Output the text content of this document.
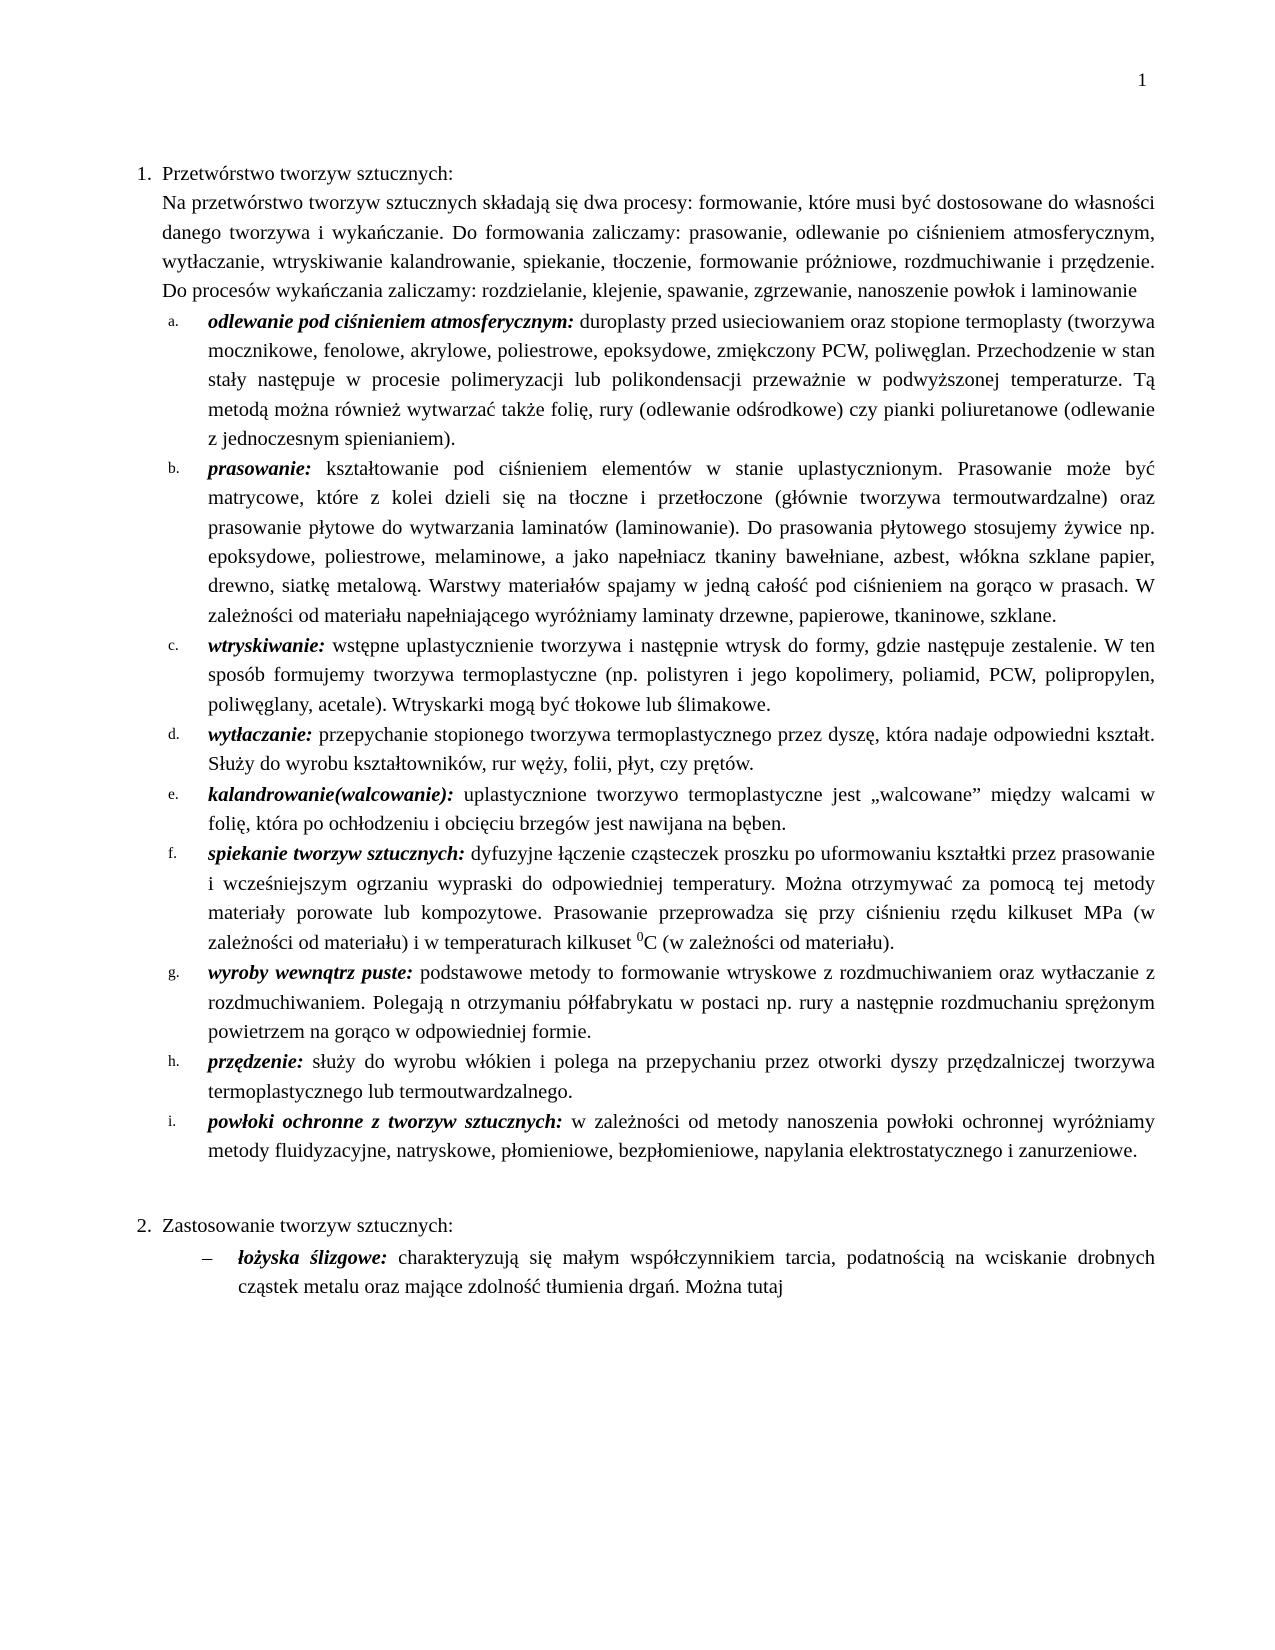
1
1. Przetwórstwo tworzyw sztucznych:

Na przetwórstwo tworzyw sztucznych składają się dwa procesy: formowanie, które musi być dostosowane do własności danego tworzywa i wykańczanie. Do formowania zaliczamy: prasowanie, odlewanie po ciśnieniem atmosferycznym, wytłaczanie, wtryskiwanie kalandrowanie, spiekanie, tłoczenie, formowanie próżniowe, rozdmuchiwanie i przędzenie. Do procesów wykańczania zaliczamy: rozdzielanie, klejenie, spawanie, zgrzewanie, nanoszenie powłok i laminowanie

a.	odlewanie pod ciśnieniem atmosferycznym: duroplasty przed usieciowaniem oraz stopione termoplasty (tworzywa mocznikowe, fenolowe, akrylowe, poliestrowe, epoksydowe, zmiękczony PCW, poliwęglan. Przechodzenie w stan stały następuje w procesie polimeryzacji lub polikondensacji przeważnie w podwyższonej temperaturze. Tą metodą można również wytwarzać także folię, rury (odlewanie odśrodkowe) czy pianki poliuretanowe (odlewanie z jednoczesnym spienianiem).

b.	prasowanie: kształtowanie pod ciśnieniem elementów w stanie uplastycznionym. Prasowanie może być matrycowe, które z kolei dzieli się na tłoczne i przetłoczone (głównie tworzywa termoutwardzalne) oraz prasowanie płytowe do wytwarzania laminatów (laminowanie). Do prasowania płytowego stosujemy żywice np. epoksydowe, poliestrowe, melaminowe, a jako napełniacz tkaniny bawełniane, azbest, włókna szklane papier, drewno, siatkę metalową. Warstwy materiałów spajamy w jedną całość pod ciśnieniem na gorąco w prasach. W zależności od materiału napełniającego wyróżniamy laminaty drzewne, papierowe, tkaninowe, szklane.

c.	wtryskiwanie: wstępne uplastycznienie tworzywa i następnie wtrysk do formy, gdzie następuje zestalenie. W ten sposób formujemy tworzywa termoplastyczne (np. polistyren i jego kopolimery, poliamid, PCW, polipropylen, poliwęglany, acetale). Wtryskarki mogą być tłokowe lub ślimakowe.

d.	wytłaczanie: przepychanie stopionego tworzywa termoplastycznego przez dyszę, która nadaje odpowiedni kształt. Służy do wyrobu kształtowników, rur węży, folii, płyt, czy prętów.

e.	kalandrowanie(walcowanie): uplastycznione tworzywo termoplastyczne jest „walcowane” między walcami w folię, która po ochłodzeniu i obcięciu brzegów jest nawijana na bęben.

f.	spiekanie tworzyw sztucznych: dyfuzyjne łączenie cząsteczek proszku po uformowaniu kształtki przez prasowanie i wcześniejszym ogrzaniu wypraski do odpowiedniej temperatury. Można otrzymywać za pomocą tej metody materiały porowate lub kompozytowe. Prasowanie przeprowadza się przy ciśnieniu rzędu kilkuset MPa (w zależności od materiału) i w temperaturach kilkuset $^0$C (w zależności od materiału).

g.	wyroby wewnqtrz puste: podstawowe metody to formowanie wtryskowe z rozdmuchiwaniem oraz wytłaczanie z rozdmuchiwaniem. Polegają n otrzymaniu półfabrykatu w postaci np. rury a następnie rozdmuchaniu sprężonym powietrzem na gorąco w odpowiedniej formie.

h.	przędzenie: służy do wyrobu włókien i polega na przepychaniu przez otworki dyszy przędzalniczej tworzywa termoplastycznego lub termoutwardzalnego.

i.	powłoki ochronne z tworzyw sztucznych: w zależności od metody nanoszenia powłoki ochronnej wyróżniamy metody fluidyzacyjne, natryskowe, płomieniowe, bezpłomieniowe, napylania elektrostatycznego i zanurzeniowe.

2. Zastosowanie tworzyw sztucznych:
– łożyska ślizgowe: charakteryzują się małym współczynnikiem tarcia, podatnością na wciskanie drobnych cząstek metalu oraz mające zdolność tłumienia drgań. Można tutaj
